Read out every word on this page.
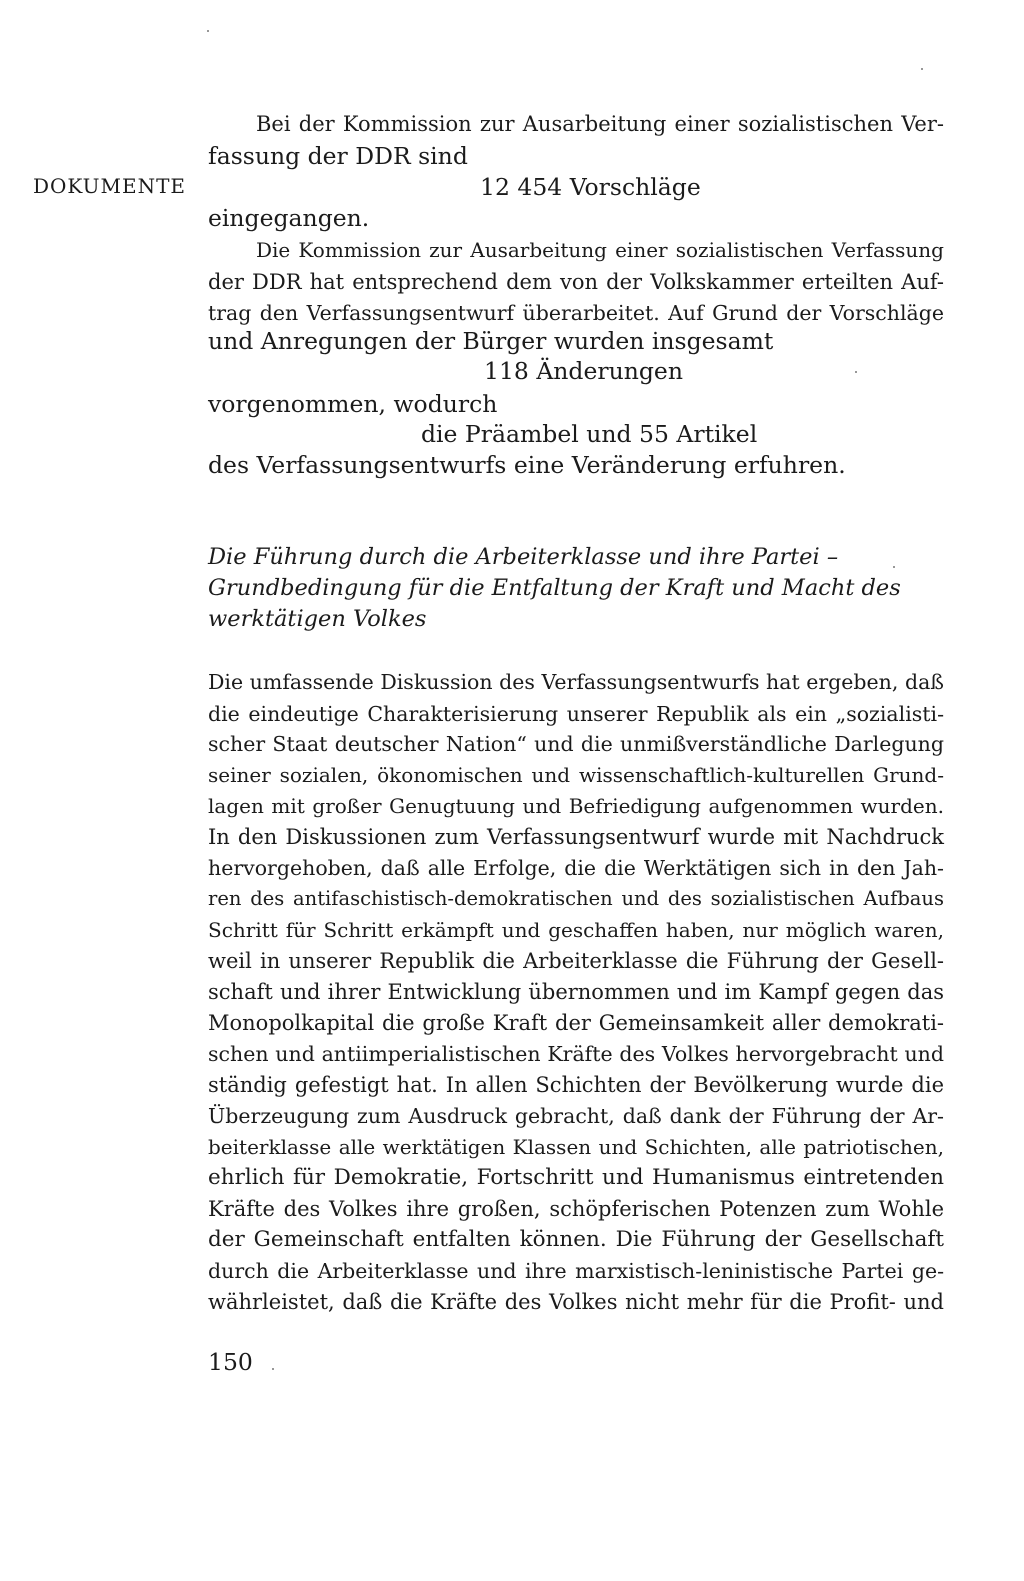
DOKUMENTE
Bei der Kommission zur Ausarbeitung einer sozialistischen Ver-
fassung der DDR sind
12 454 Vorschläge
eingegangen.
Die Kommission zur Ausarbeitung einer sozialistischen Verfassung
der DDR hat entsprechend dem von der Volkskammer erteilten Auf-
trag den Verfassungsentwurf überarbeitet. Auf Grund der Vorschläge
und Anregungen der Bürger wurden insgesamt
118 Änderungen
vorgenommen, wodurch
die Präambel und 55 Artikel
des Verfassungsentwurfs eine Veränderung erfuhren.
Die Führung durch die Arbeiterklasse und ihre Partei –
Grundbedingung für die Entfaltung der Kraft und Macht des
werktätigen Volkes
Die umfassende Diskussion des Verfassungsentwurfs hat ergeben, daß
die eindeutige Charakterisierung unserer Republik als ein „sozialisti-
scher Staat deutscher Nation“ und die unmißverständliche Darlegung
seiner sozialen, ökonomischen und wissenschaftlich-kulturellen Grund-
lagen mit großer Genugtuung und Befriedigung aufgenommen wurden.
In den Diskussionen zum Verfassungsentwurf wurde mit Nachdruck
hervorgehoben, daß alle Erfolge, die die Werktätigen sich in den Jah-
ren des antifaschistisch-demokratischen und des sozialistischen Aufbaus
Schritt für Schritt erkämpft und geschaffen haben, nur möglich waren,
weil in unserer Republik die Arbeiterklasse die Führung der Gesell-
schaft und ihrer Entwicklung übernommen und im Kampf gegen das
Monopolkapital die große Kraft der Gemeinsamkeit aller demokrati-
schen und antiimperialistischen Kräfte des Volkes hervorgebracht und
ständig gefestigt hat. In allen Schichten der Bevölkerung wurde die
Überzeugung zum Ausdruck gebracht, daß dank der Führung der Ar-
beiterklasse alle werktätigen Klassen und Schichten, alle patriotischen,
ehrlich für Demokratie, Fortschritt und Humanismus eintretenden
Kräfte des Volkes ihre großen, schöpferischen Potenzen zum Wohle
der Gemeinschaft entfalten können. Die Führung der Gesellschaft
durch die Arbeiterklasse und ihre marxistisch-leninistische Partei ge-
währleistet, daß die Kräfte des Volkes nicht mehr für die Profit- und
150
